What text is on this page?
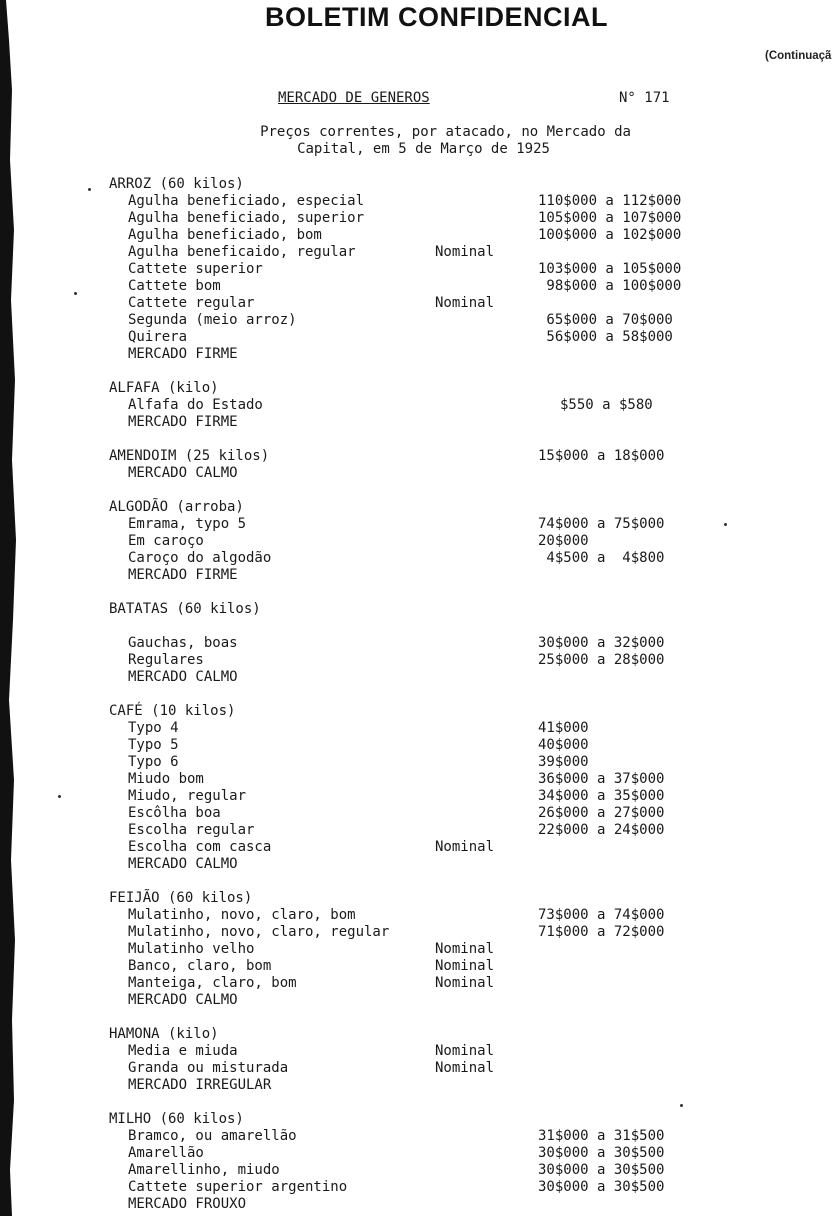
BOLETIM CONFIDENCIAL
(Continuaçã
MERCADO DE GENEROS	N° 171
Preços correntes, por atacado, no Mercado da
Capital, em 5 de Março de 1925
ARROZ (60 kilos)
Agulha beneficiado, especial	110$000 a 112$000
Agulha beneficiado, superior	105$000 a 107$000
Agulha beneficiado, bom	100$000 a 102$000
Agulha beneficaido, regular	Nominal
Cattete superior	103$000 a 105$000
Cattete bom	98$000 a 100$000
Cattete regular	Nominal
Segunda (meio arroz)	65$000 a 70$000
Quirera	56$000 a 58$000
MERCADO FIRME
ALFAFA (kilo)
Alfafa do Estado	$550 a $580
MERCADO FIRME
AMENDOIM (25 kilos)	15$000 a 18$000
MERCADO CALMO
ALGODÃO (arroba)
Emrama, typo 5	74$000 a 75$000
Em caroço	20$000
Caroço do algodão	4$500 a  4$800
MERCADO FIRME
BATATAS (60 kilos)
Gauchas, boas	30$000 a 32$000
Regulares	25$000 a 28$000
MERCADO CALMO
CAFÉ (10 kilos)
Typo 4	41$000
Typo 5	40$000
Typo 6	39$000
Miudo bom	36$000 a 37$000
Miudo, regular	34$000 a 35$000
Escôlha boa	26$000 a 27$000
Escolha regular	22$000 a 24$000
Escolha com casca	Nominal
MERCADO CALMO
FEIJÃO (60 kilos)
Mulatinho, novo, claro, bom	73$000 a 74$000
Mulatinho, novo, claro, regular	71$000 a 72$000
Mulatinho velho	Nominal
Banco, claro, bom	Nominal
Manteiga, claro, bom	Nominal
MERCADO CALMO
HAMONA (kilo)
Media e miuda	Nominal
Granda ou misturada	Nominal
MERCADO IRREGULAR
MILHO (60 kilos)
Bramco, ou amarellão	31$000 a 31$500
Amarellão	30$000 a 30$500
Amarellinho, miudo	30$000 a 30$500
Cattete superior argentino	30$000 a 30$500
MERCADO FROUXO
